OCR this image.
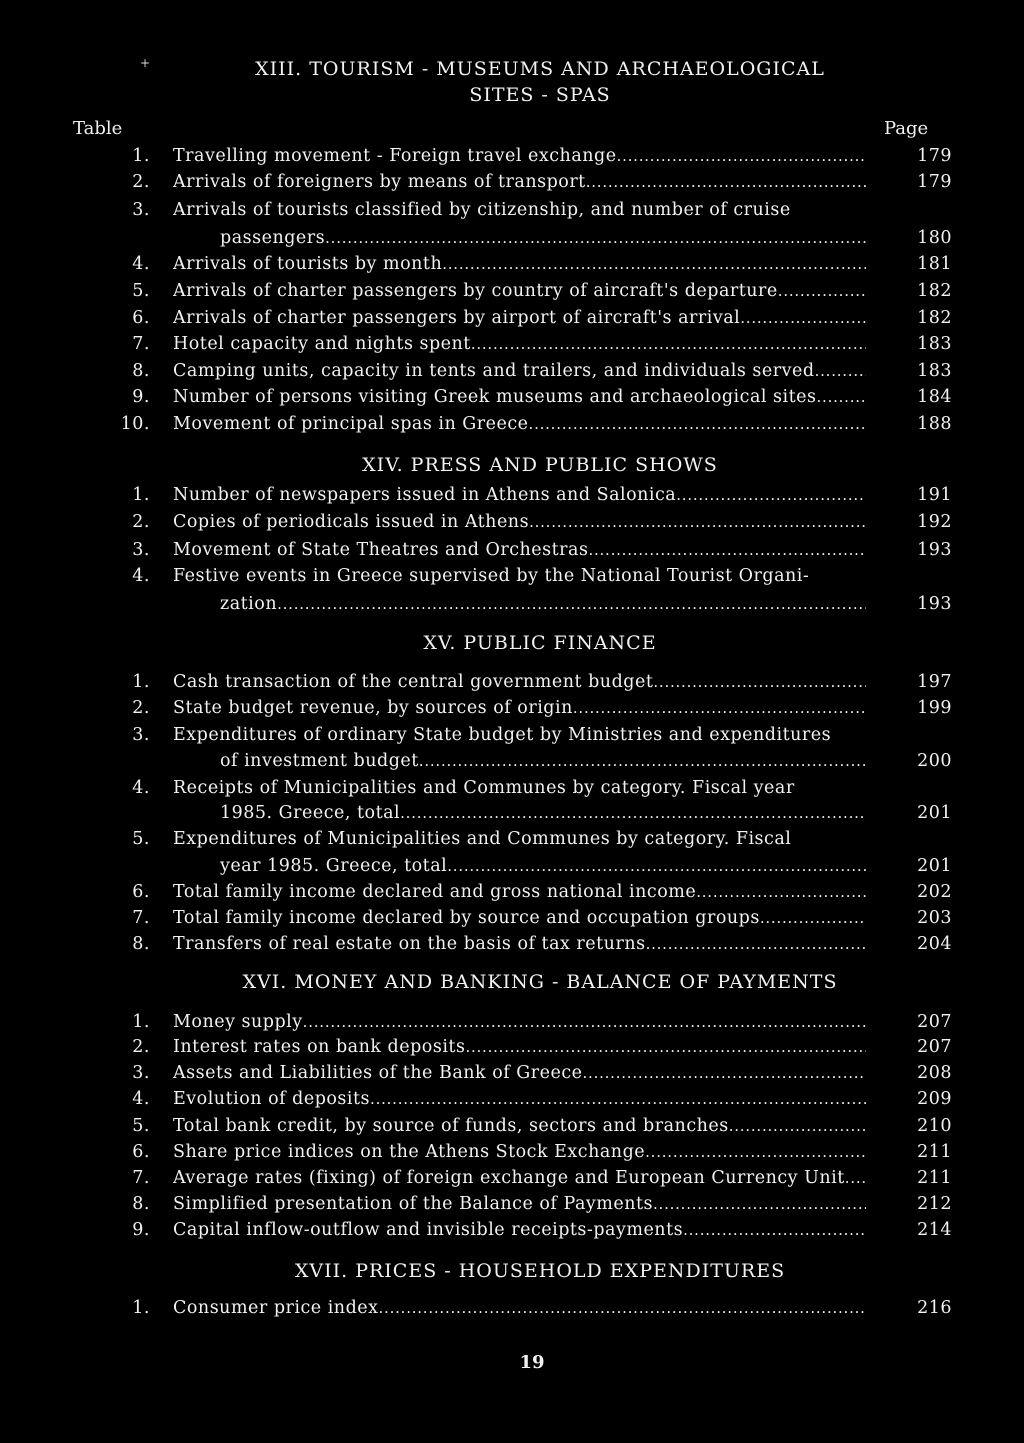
+
Table	Page
XIII. TOURISM - MUSEUMS AND ARCHAEOLOGICAL
SITES - SPAS
1. Travelling movement - Foreign travel exchange . . .	179
2. Arrivals of foreigners by means of transport . . .	179
3. Arrivals of tourists classified by citizenship, and number of cruise
passengers . . .	180
4. Arrivals of tourists by month . . .	181
5. Arrivals of charter passengers by country of aircraft's departure . . .	182
6. Arrivals of charter passengers by airport of aircraft's arrival . . .	182
7. Hotel capacity and nights spent . . .	183
8. Camping units, capacity in tents and trailers, and individuals served . . .	183
9. Number of persons visiting Greek museums and archaeological sites . . .	184
10. Movement of principal spas in Greece . . .	188
XIV. PRESS AND PUBLIC SHOWS
1. Number of newspapers issued in Athens and Salonica . . .	191
2. Copies of periodicals issued in Athens . . .	192
3. Movement of State Theatres and Orchestras . . .	193
4. Festive events in Greece supervised by the National Tourist Organi-
zation . . .	193
XV. PUBLIC FINANCE
1. Cash transaction of the central government budget . . .	197
2. State budget revenue, by sources of origin . . .	199
3. Expenditures of ordinary State budget by Ministries and expenditures
of investment budget . . .	200
4. Receipts of Municipalities and Communes by category. Fiscal year
1985. Greece, total . . .	201
5. Expenditures of Municipalities and Communes by category. Fiscal
year 1985. Greece, total . . .	201
6. Total family income declared and gross national income . . .	202
7. Total family income declared by source and occupation groups . . .	203
8. Transfers of real estate on the basis of tax returns . . .	204
XVI. MONEY AND BANKING - BALANCE OF PAYMENTS
1. Money supply . . .	207
2. Interest rates on bank deposits . . .	207
3. Assets and Liabilities of the Bank of Greece . . .	208
4. Evolution of deposits . . .	209
5. Total bank credit, by source of funds, sectors and branches . . .	210
6. Share price indices on the Athens Stock Exchange . . .	211
7. Average rates (fixing) of foreign exchange and European Currency Unit . . .	211
8. Simplified presentation of the Balance of Payments . . .	212
9. Capital inflow-outflow and invisible receipts-payments . . .	214
XVII. PRICES - HOUSEHOLD EXPENDITURES
1. Consumer price index . . .	216
19
